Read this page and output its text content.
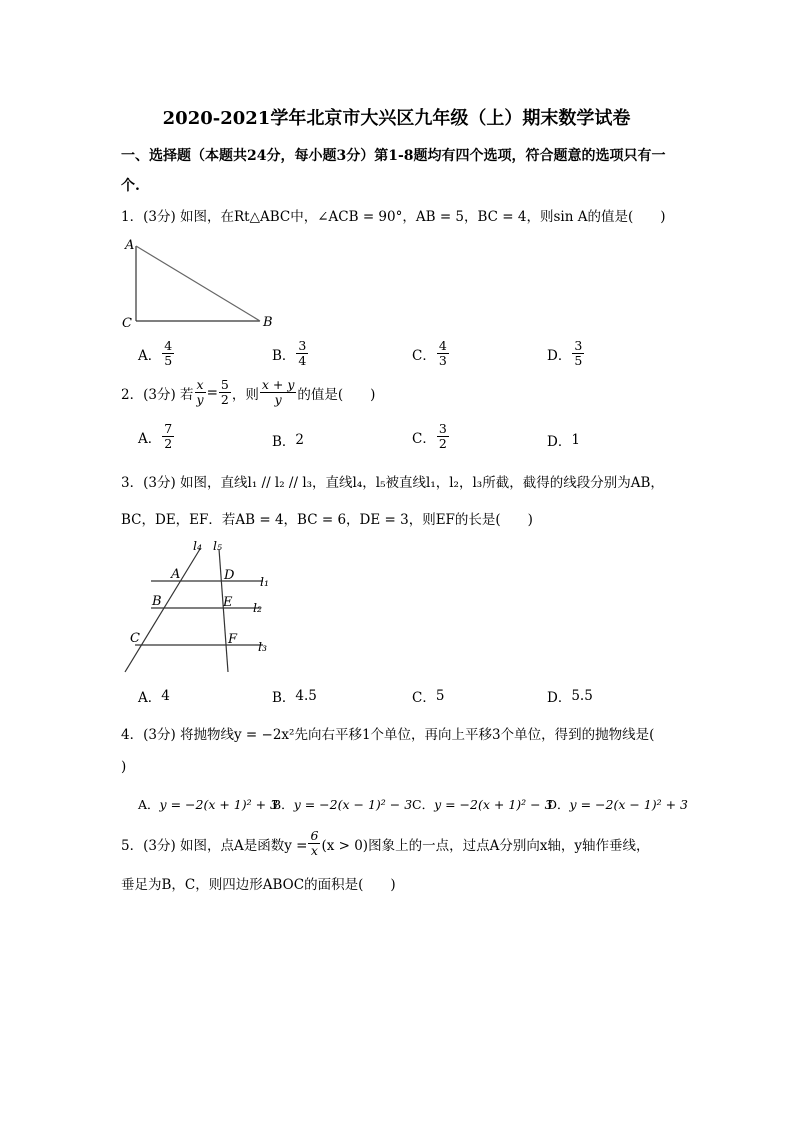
2020-2021学年北京市大兴区九年级（上）期末数学试卷
一、选择题（本题共24分，每小题3分）第1-8题均有四个选项，符合题意的选项只有一
个.
1．(3分) 如图，在Rt△ABC中，∠ACB = 90°，AB = 5，BC = 4，则sin A的值是(　　)
A
C	B
A． $\frac{4}{5}$	B． $\frac{3}{4}$	C． $\frac{4}{3}$	D． $\frac{3}{5}$
2．(3分) 若 $\frac{x}{y} = \frac{5}{2}$ ，则 $\frac{x + y}{y}$ 的值是(　　)
A． $\frac{7}{2}$	B． 2	C． $\frac{3}{2}$	D． 1
3．(3分) 如图，直线l₁ // l₂ // l₃，直线l₄，l₅被直线l₁，l₂，l₃所截，截得的线段分别为AB，
BC，DE，EF．若AB = 4，BC = 6，DE = 3，则EF的长是(　　)
l₄ l₅
l₁
l₂
l₃
A	D
B	E
C	F
A． 4	B． 4.5	C． 5	D． 5.5
4．(3分) 将抛物线y = −2x²先向右平移1个单位，再向上平移3个单位，得到的抛物线是(
)
A． y = −2(x + 1)² + 3
B． y = −2(x − 1)² − 3 C． y = −2(x + 1)² − 3
D． y = −2(x − 1)² + 3
5．(3分) 如图，点A是函数$y = \frac{6}{x} (x > 0)$图象上的一点，过点A分别向x轴，y轴作垂线，
垂足为B，C，则四边形ABOC的面积是(　　)
